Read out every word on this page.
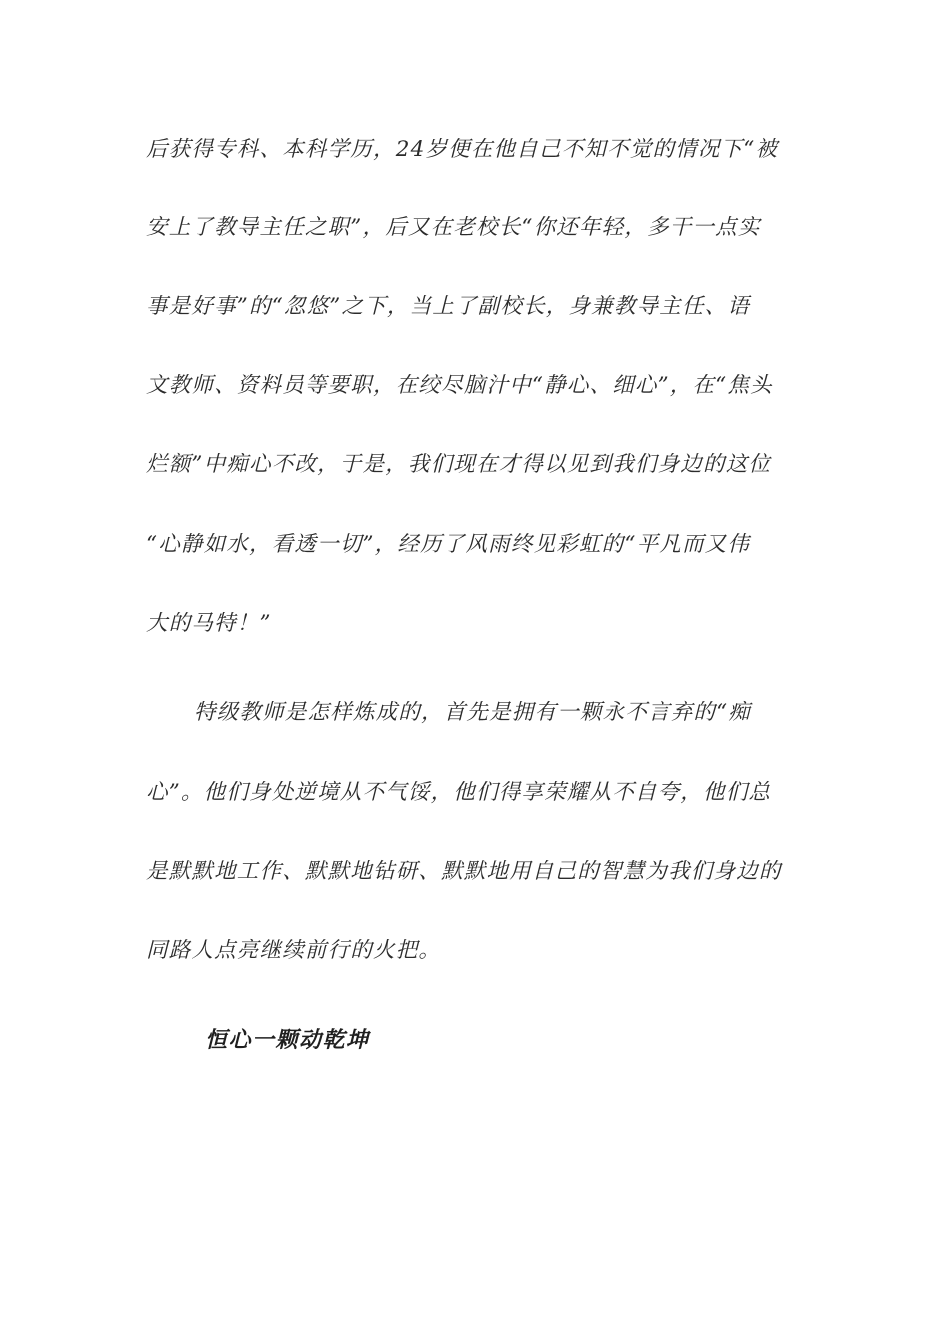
后获得专科、本科学历，24岁便在他自己不知不觉的情况下“被
安上了教导主任之职”，后又在老校长“你还年轻，多干一点实
事是好事”的“忽悠”之下，当上了副校长，身兼教导主任、语
文教师、资料员等要职，在绞尽脑汁中“静心、细心”，在“焦头
烂额”中痴心不改，于是，我们现在才得以见到我们身边的这位
“心静如水，看透一切”，经历了风雨终见彩虹的“平凡而又伟
大的马特！”
特级教师是怎样炼成的，首先是拥有一颗永不言弃的“痴
心”。他们身处逆境从不气馁，他们得享荣耀从不自夸，他们总
是默默地工作、默默地钻研、默默地用自己的智慧为我们身边的
同路人点亮继续前行的火把。
恒心一颗动乾坤
